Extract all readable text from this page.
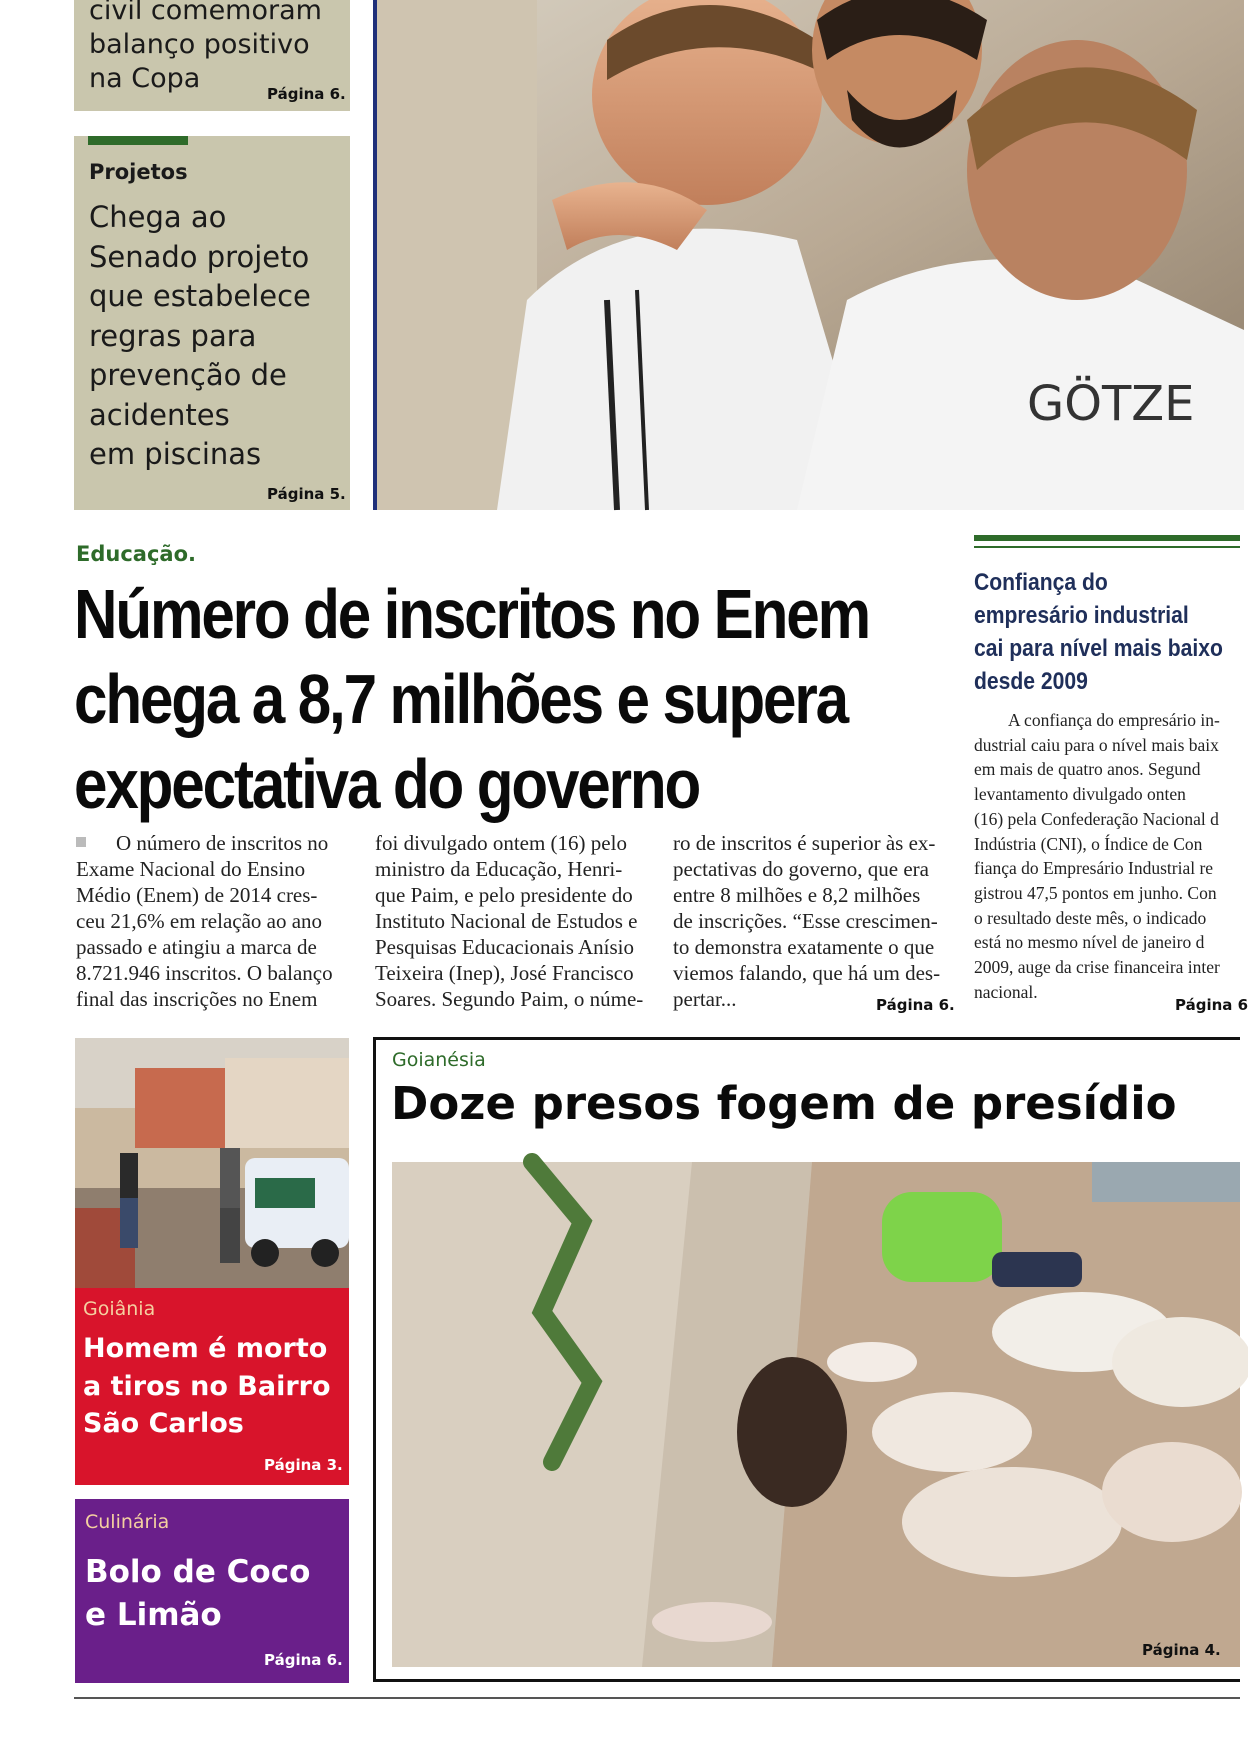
civil comemoram
balanço positivo
na Copa	Página 6.
Projetos
Chega ao
Senado projeto
que estabelece
regras para
prevenção de
acidentes
em piscinas
Página 5.
GÖTZE
Educação.
Número de inscritos no Enem
chega a 8,7 milhões e supera
expectativa do governo
O número de inscritos no
Exame Nacional do Ensino
Médio (Enem) de 2014 cres-
ceu 21,6% em relação ao ano
passado e atingiu a marca de
8.721.946 inscritos. O balanço
final das inscrições no Enem
foi divulgado ontem (16) pelo
ministro da Educação, Henri-
que Paim, e pelo presidente do
Instituto Nacional de Estudos e
Pesquisas Educacionais Anísio
Teixeira (Inep), José Francisco
Soares. Segundo Paim, o núme-
ro de inscritos é superior às ex-
pectativas do governo, que era
entre 8 milhões e 8,2 milhões
de inscrições. “Esse crescimen-
to demonstra exatamente o que
viemos falando, que há um des-
pertar...	Página 6.
Confiança do
empresário industrial
cai para nível mais baixo
desde 2009
A confiança do empresário in-
dustrial caiu para o nível mais baix
em mais de quatro anos. Segund
levantamento divulgado onten
(16) pela Confederação Nacional d
Indústria (CNI), o Índice de Con
fiança do Empresário Industrial re
gistrou 47,5 pontos em junho. Con
o resultado deste mês, o indicado
está no mesmo nível de janeiro d
2009, auge da crise financeira inter
nacional.
Página 6
Goiânia
Homem é morto
a tiros no Bairro
São Carlos
Página 3.
Culinária
Bolo de Coco
e Limão
Página 6.
Goianésia
Doze presos fogem de presídio
Página 4.
